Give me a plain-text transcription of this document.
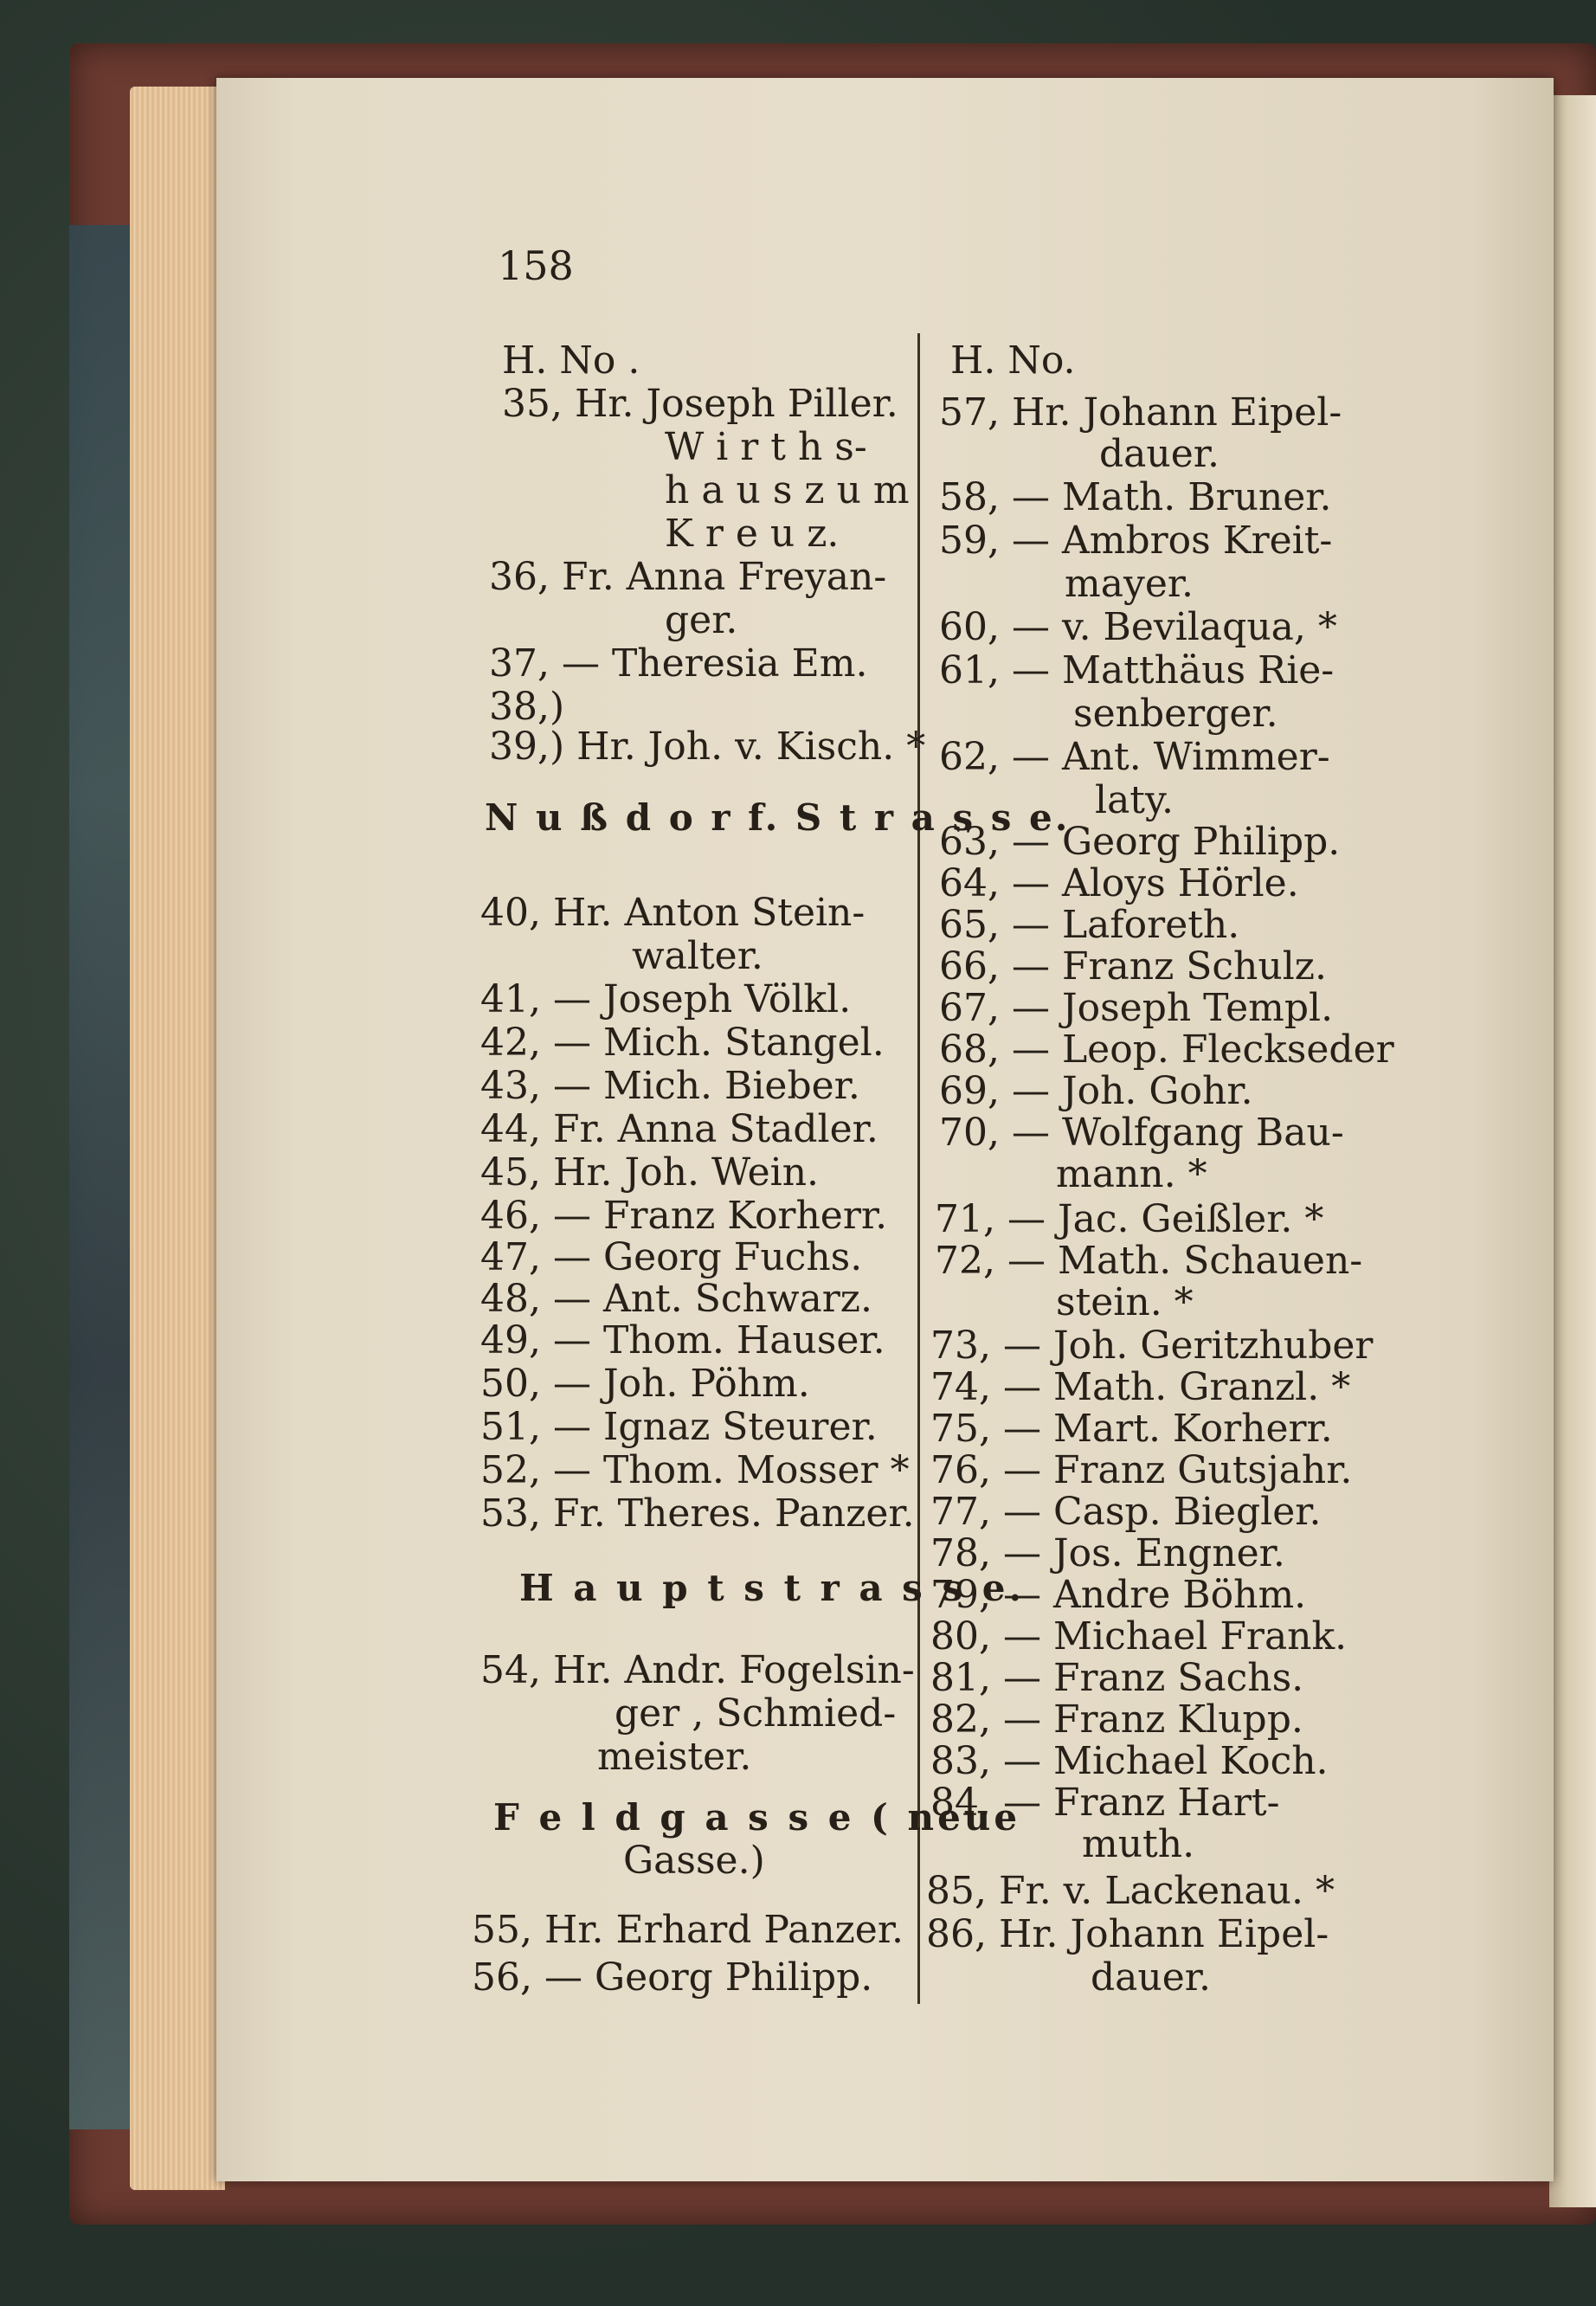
158
H. No .	H. No.
35, Hr. Joseph Piller.
W i r t h s-
h a u s z u m
K r e u z.
36, Fr. Anna Freyan-
ger.
37, — Theresia Em.
38,)
39,) Hr. Joh. v. Kisch. *
N u ß d o r f. S t r a s s e.
40, Hr. Anton Stein-
walter.
41, — Joseph Völkl.
42, — Mich. Stangel.
43, — Mich. Bieber.
44, Fr. Anna Stadler.
45, Hr. Joh. Wein.
46, — Franz Korherr.
47, — Georg Fuchs.
48, — Ant. Schwarz.
49, — Thom. Hauser.
50, — Joh. Pöhm.
51, — Ignaz Steurer.
52, — Thom. Mosser *
53, Fr. Theres. Panzer.
H a u p t s t r a s s e.
54, Hr. Andr. Fogelsin-
ger , Schmied-
meister.
F e l d g a s s e ( neue
Gasse.)
55, Hr. Erhard Panzer.
56, — Georg Philipp.
57, Hr. Johann Eipel-
dauer.
58, — Math. Bruner.
59, — Ambros Kreit-
mayer.
60, — v. Bevilaqua, *
61, — Matthäus Rie-
senberger.
62, — Ant. Wimmer-
laty.
63, — Georg Philipp.
64, — Aloys Hörle.
65, — Laforeth.
66, — Franz Schulz.
67, — Joseph Templ.
68, — Leop. Fleckseder
69, — Joh. Gohr.
70, — Wolfgang Bau-
mann. *
71, — Jac. Geißler. *
72, — Math. Schauen-
stein. *
73, — Joh. Geritzhuber
74, — Math. Granzl. *
75, — Mart. Korherr.
76, — Franz Gutsjahr.
77, — Casp. Biegler.
78, — Jos. Engner.
79, — Andre Böhm.
80, — Michael Frank.
81, — Franz Sachs.
82, — Franz Klupp.
83, — Michael Koch.
84, — Franz Hart-
muth.
85, Fr. v. Lackenau. *
86, Hr. Johann Eipel-
dauer.
